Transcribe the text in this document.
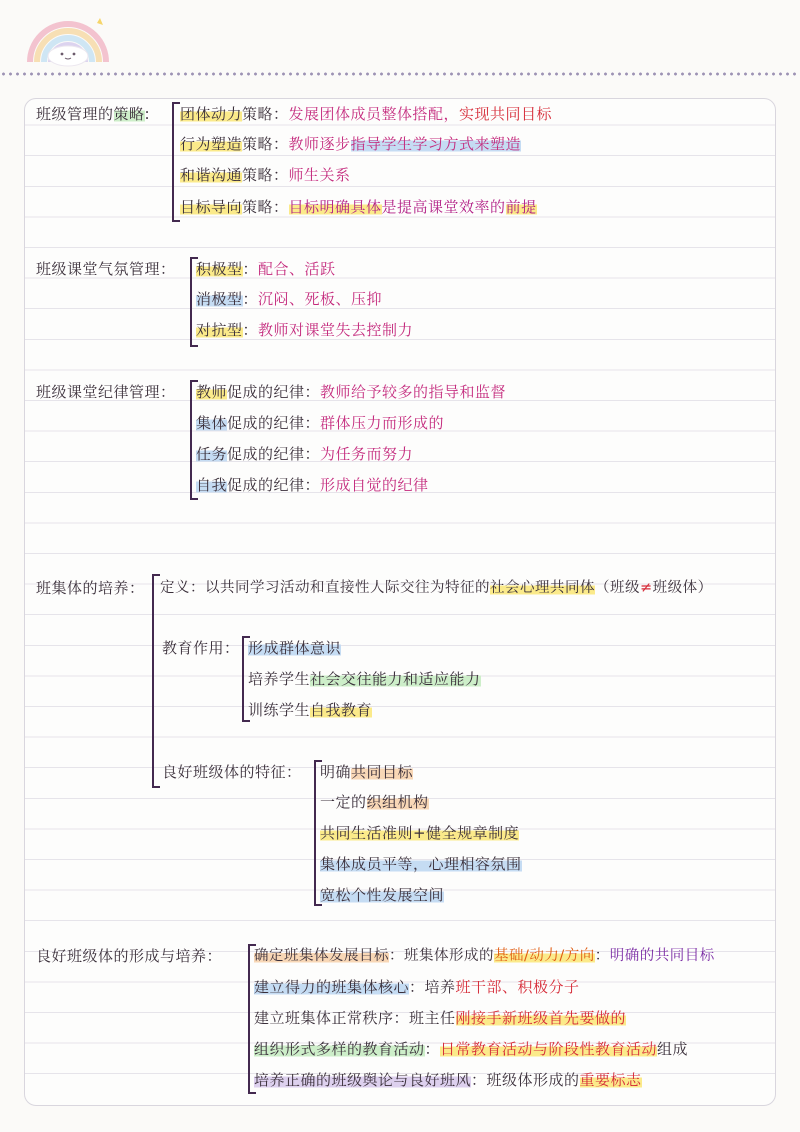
班级管理的策略: 团体动力策略：发展团体成员整体搭配，实现共同目标
行为塑造策略：教师逐步指导学生学习方式来塑造
和谐沟通策略：师生关系
目标导向策略：目标明确具体是提高课堂效率的前提
班级课堂气氛管理： 积极型：配合、活跃
消极型：沉闷、死板、压抑
对抗型：教师对课堂失去控制力
班级课堂纪律管理： 教师促成的纪律：教师给予较多的指导和监督
集体促成的纪律：群体压力而形成的
任务促成的纪律：为任务而努力
自我促成的纪律：形成自觉的纪律
班集体的培养： 定义：以共同学习活动和直接性人际交往为特征的社会心理共同体（班级≠班级体）
教育作用： 形成群体意识
培养学生社会交往能力和适应能力
训练学生自我教育
良好班级体的特征： 明确共同目标
一定的织组机构
共同生活准则+健全规章制度
集体成员平等，心理相容氛围
宽松个性发展空间
良好班级体的形成与培养： 确定班集体发展目标：班集体形成的基础/动力/方向：明确的共同目标
建立得力的班集体核心：培养班干部、积极分子
建立班集体正常秩序：班主任刚接手新班级首先要做的
组织形式多样的教育活动：日常教育活动与阶段性教育活动组成
培养正确的班级舆论与良好班风：班级体形成的重要标志
